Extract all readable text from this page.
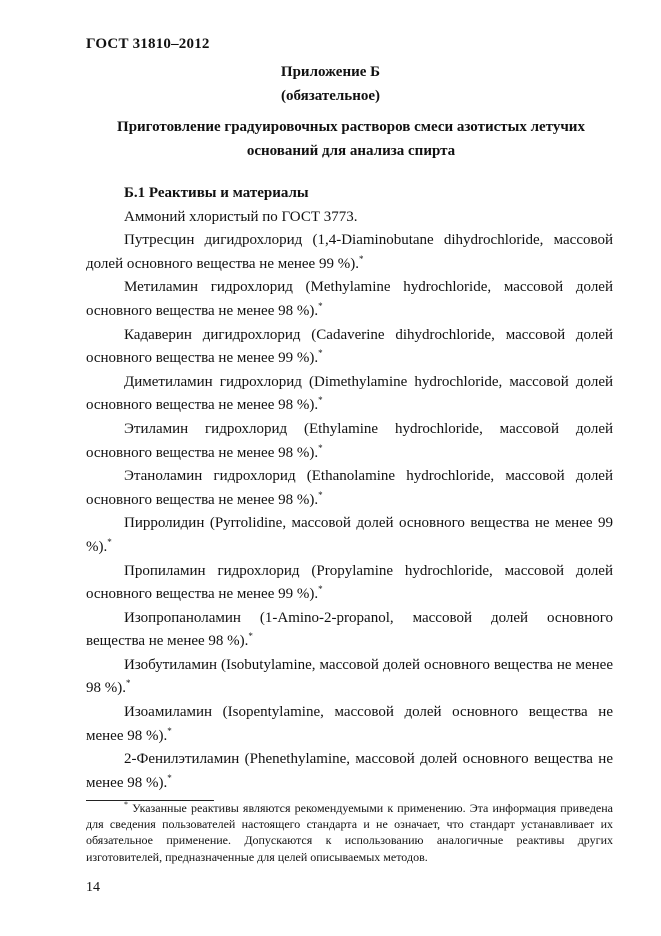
ГОСТ 31810–2012
Приложение Б
(обязательное)
Приготовление градуировочных растворов смеси азотистых летучих
оснований для анализа спирта

Б.1 Реактивы и материалы

Аммоний хлористый по ГОСТ 3773.

Путресцин дигидрохлорид (1,4-Diaminobutane dihydrochloride, массовой долей основного вещества не менее 99 %).*

Метиламин гидрохлорид (Methylamine hydrochloride, массовой долей основного вещества не менее 98 %).*

Кадаверин дигидрохлорид (Cadaverine dihydrochloride, массовой долей основного вещества не менее 99 %).*

Диметиламин гидрохлорид (Dimethylamine hydrochloride, массовой долей основного вещества не менее 98 %).*

Этиламин гидрохлорид (Ethylamine hydrochloride, массовой долей основного вещества не менее 98 %).*

Этаноламин гидрохлорид (Ethanolamine hydrochloride, массовой долей основного вещества не менее 98 %).*

Пирролидин (Pyrrolidine, массовой долей основного вещества не менее 99 %).*

Пропиламин гидрохлорид (Propylamine hydrochloride, массовой долей основного вещества не менее 99 %).*

Изопропаноламин (1-Amino-2-propanol, массовой долей основного вещества не менее 98 %).*

Изобутиламин (Isobutylamine, массовой долей основного вещества не менее 98 %).*

Изоамиламин (Isopentylamine, массовой долей основного вещества не менее 98 %).*

2-Фенилэтиламин (Phenethylamine, массовой долей основного вещества не менее 98 %).*

* Указанные реактивы являются рекомендуемыми к применению. Эта информация приведена для сведения пользователей настоящего стандарта и не означает, что стандарт устанавливает их обязательное применение. Допускаются к использованию аналогичные реактивы других изготовителей, предназначенные для целей описываемых методов.

14
